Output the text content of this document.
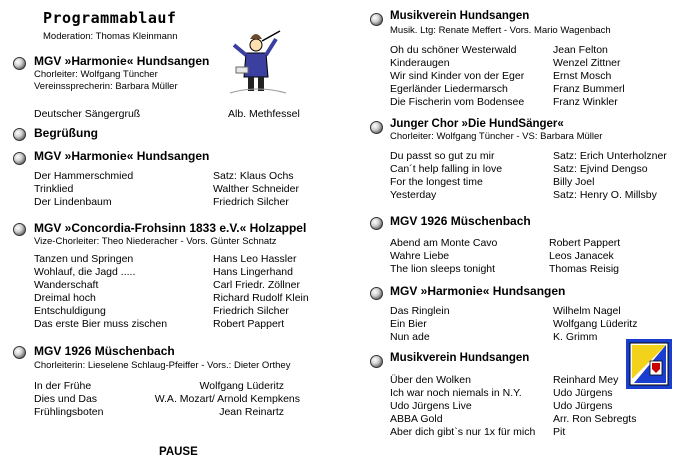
Programmablauf
Moderation: Thomas Kleinmann
MGV »Harmonie« Hundsangen
Chorleiter: Wolfgang Tüncher
Vereinssprecherin: Barbara Müller
Deutscher Sängergruß	Alb. Methfessel
Begrüßung
MGV »Harmonie« Hundsangen
Der Hammerschmied
Trinklied
Der Lindenbaum
Satz: Klaus Ochs
Walther Schneider
Friedrich Silcher
MGV »Concordia-Frohsinn 1833 e.V.« Holzappel
Vize-Chorleiter: Theo Niederacher - Vors. Günter Schnatz
Tanzen und Springen
Wohlauf, die Jagd .....
Wanderschaft
Dreimal hoch
Entschuldigung
Das erste Bier muss zischen
Hans Leo Hassler
Hans Lingerhand
Carl Friedr. Zöllner
Richard Rudolf Klein
Friedrich Silcher
Robert Pappert
MGV 1926 Müschenbach
Chorleiterin: Lieselene Schlaug-Pfeiffer - Vors.: Dieter Orthey
In der Frühe
Dies und Das
Frühlingsboten
Wolfgang Lüderitz
W.A. Mozart/ Arnold Kempkens
Jean Reinartz
PAUSE
Musikverein Hundsangen
Musik. Ltg: Renate Meffert - Vors. Mario Wagenbach
Oh du schöner Westerwald
Kinderaugen
Wir sind Kinder von der Eger
Egerländer Liedermarsch
Die Fischerin vom Bodensee
Jean Felton
Wenzel Zittner
Ernst Mosch
Franz Bummerl
Franz Winkler
Junger Chor »Die HundSänger«
Chorleiter: Wolfgang Tüncher - VS: Barbara Müller
Du passt so gut zu mir
Can´t help falling in love
For the longest time
Yesterday
Satz: Erich Unterholzner
Satz: Ejvind Dengso
Billy Joel
Satz: Henry O. Millsby
MGV 1926 Müschenbach
Abend am Monte Cavo
Wahre Liebe
The lion sleeps tonight
Robert Pappert
Leos Janacek
Thomas Reisig
MGV »Harmonie« Hundsangen
Das Ringlein
Ein Bier
Nun ade
Wilhelm Nagel
Wolfgang Lüderitz
K. Grimm
Musikverein Hundsangen
Über den Wolken
Ich war noch niemals in N.Y.
Udo Jürgens Live
ABBA Gold
Aber dich gibt`s nur 1x für mich
Reinhard Mey
Udo Jürgens
Udo Jürgens
Arr. Ron Sebregts
Pit
